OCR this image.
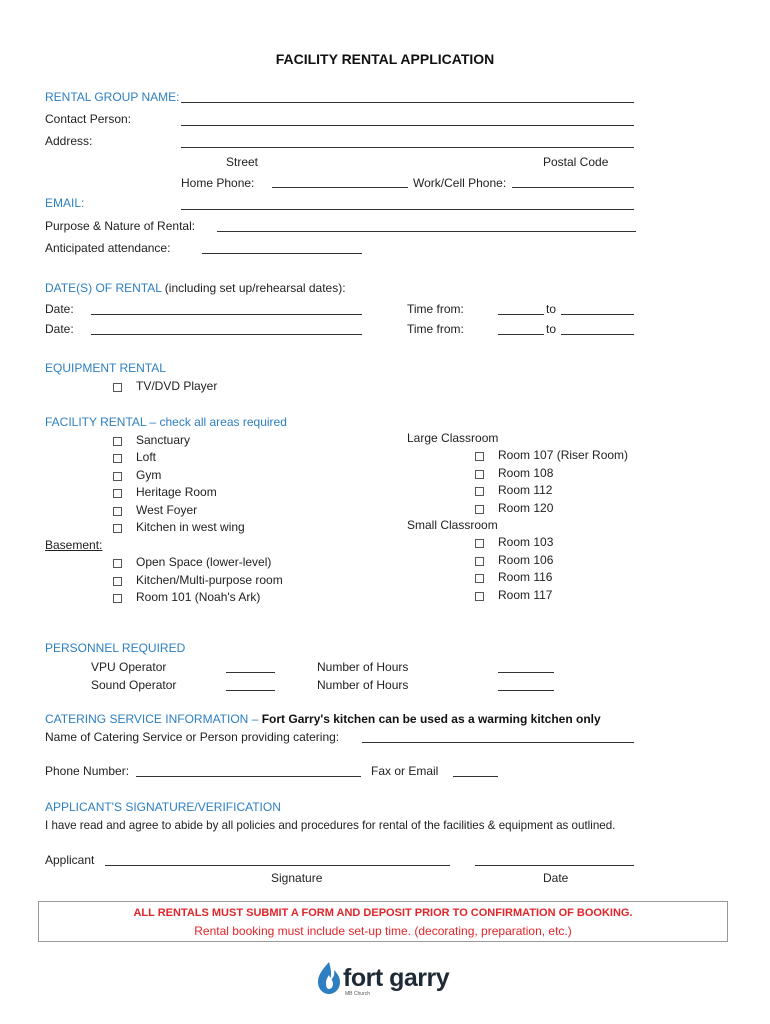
FACILITY RENTAL APPLICATION
RENTAL GROUP NAME:
Contact Person:
Address:
Street	Postal Code
Home Phone:	Work/Cell Phone:
EMAIL:
Purpose & Nature of Rental:
Anticipated attendance:
DATE(S) OF RENTAL (including set up/rehearsal dates):
Date:	Time from:	to
Date:	Time from:	to
EQUIPMENT RENTAL
TV/DVD Player
FACILITY RENTAL – check all areas required
Sanctuary
Loft
Gym
Heritage Room
West Foyer
Kitchen in west wing
Basement:
Open Space (lower-level)
Kitchen/Multi-purpose room
Room 101 (Noah's Ark)
Large Classroom
Room 107 (Riser Room)
Room 108
Room 112
Room 120
Small Classroom
Room 103
Room 106
Room 116
Room 117
PERSONNEL REQUIRED
VPU Operator	Number of Hours
Sound Operator	Number of Hours
CATERING SERVICE INFORMATION – Fort Garry's kitchen can be used as a warming kitchen only
Name of Catering Service or Person providing catering:
Phone Number:	Fax or Email
APPLICANT'S SIGNATURE/VERIFICATION
I have read and agree to abide by all policies and procedures for rental of the facilities & equipment as outlined.
Applicant
Signature	Date
ALL RENTALS MUST SUBMIT A FORM AND DEPOSIT PRIOR TO CONFIRMATION OF BOOKING.
Rental booking must include set-up time. (decorating, preparation, etc.)
fort garry
MB Church
